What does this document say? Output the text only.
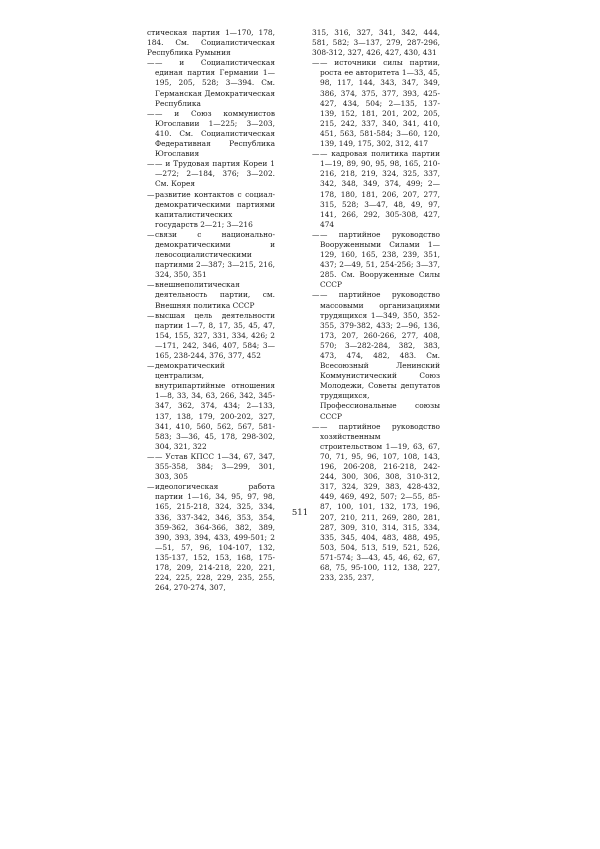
стическая партия 1—170, 178, 184. См. Социалистическая Республика Румыния

—— и Социалистическая единая партия Германии 1—195, 205, 528; 3—394. См. Германская Демократическая Республика

—— и Союз коммунистов Югославии 1—225; 3—203, 410. См. Социалистическая Федеративная Республика Югославия

—— и Трудовая партия Кореи 1—272; 2—184, 376; 3—202. См. Корея

—развитие контактов с социал-демократическими партиями капиталистических государств 2—21; 3—216

—связи с национально-демократическими и левосоциалистическими партиями 2—387; 3—215, 216, 324, 350, 351

—внешнеполитическая деятельность партии, см. Внешняя политика СССР

—высшая цель деятельности партии 1—7, 8, 17, 35, 45, 47, 154, 155, 327, 331, 334, 426; 2—171, 242, 346, 407, 584; 3—165, 238-244, 376, 377, 452

—демократический централизм, внутрипартийные отношения 1—8, 33, 34, 63, 266, 342, 345-347, 362, 374, 434; 2—133, 137, 138, 179, 200-202, 327, 341, 410, 560, 562, 567, 581-583; 3—36, 45, 178, 298-302, 304, 321, 322

—— Устав КПСС 1—34, 67, 347, 355-358, 384; 3—299, 301, 303, 305

—идеологическая работа партии 1—16, 34, 95, 97, 98, 165, 215-218, 324, 325, 334, 336, 337-342, 346, 353, 354, 359-362, 364-366, 382, 389, 390, 393, 394, 433, 499-501; 2—51, 57, 96, 104-107, 132, 135-137, 152, 153, 168, 175-178, 209, 214-218, 220, 221, 224, 225, 228, 229, 235, 255, 264, 270-274, 307,

315, 316, 327, 341, 342, 444, 581, 582; 3—137, 279, 287-296, 308-312, 327, 426, 427, 430, 431

—— источники силы партии, роста ее авторитета 1—33, 45, 98, 117, 144, 343, 347, 349, 386, 374, 375, 377, 393, 425-427, 434, 504; 2—135, 137-139, 152, 181, 201, 202, 205, 215, 242, 337, 340, 341, 410, 451, 563, 581-584; 3—60, 120, 139, 149, 175, 302, 312, 417

—— кадровая политика партии 1—19, 89, 90, 95, 98, 165, 210-216, 218, 219, 324, 325, 337, 342, 348, 349, 374, 499; 2—178, 180, 181, 206, 207, 277, 315, 528; 3—47, 48, 49, 97, 141, 266, 292, 305-308, 427, 474

—— партийное руководство Вооруженными Силами 1—129, 160, 165, 238, 239, 351, 437; 2—49, 51, 254-256; 3—37, 285. См. Вооруженные Силы СССР

—— партийное руководство массовыми организациями трудящихся 1—349, 350, 352-355, 379-382, 433; 2—96, 136, 173, 207, 260-266, 277, 408, 570; 3—282-284, 382, 383, 473, 474, 482, 483. См. Всесоюзный Ленинский Коммунистический Союз Молодежи, Советы депутатов трудящихся, Профессиональные союзы СССР

—— партийное руководство хозяйственным строительством 1—19, 63, 67, 70, 71, 95, 96, 107, 108, 143, 196, 206-208, 216-218, 242-244, 300, 306, 308, 310-312, 317, 324, 329, 383, 428-432, 449, 469, 492, 507; 2—55, 85-87, 100, 101, 132, 173, 196, 207, 210, 211, 269, 280, 281, 287, 309, 310, 314, 315, 334, 335, 345, 404, 483, 488, 495, 503, 504, 513, 519, 521, 526, 571-574; 3—43, 45, 46, 62, 67, 68, 75, 95-100, 112, 138, 227, 233, 235, 237,

511
